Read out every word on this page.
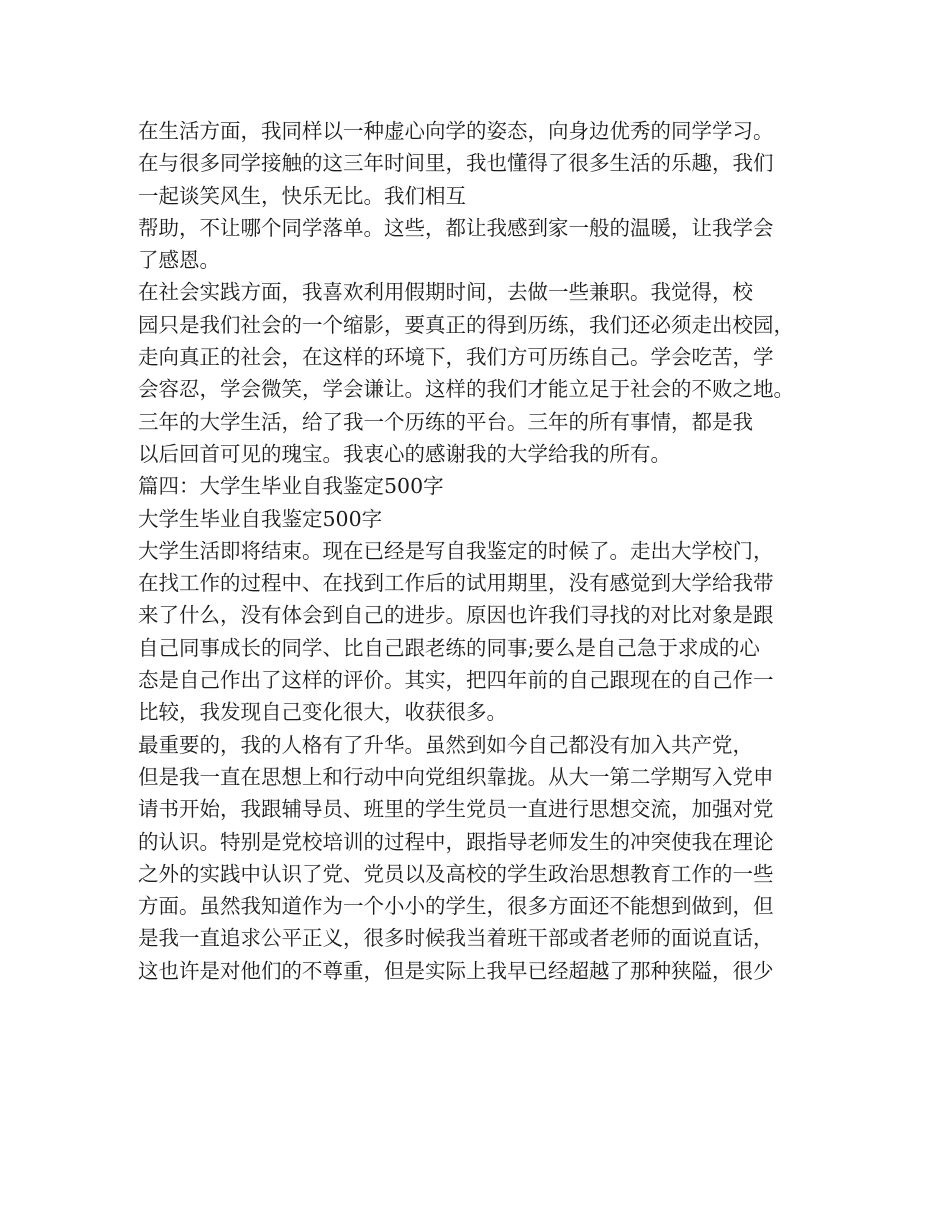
在生活方面，我同样以一种虚心向学的姿态，向身边优秀的同学学习。
在与很多同学接触的这三年时间里，我也懂得了很多生活的乐趣，我们
一起谈笑风生，快乐无比。我们相互
帮助，不让哪个同学落单。这些，都让我感到家一般的温暖，让我学会
了感恩。
在社会实践方面，我喜欢利用假期时间，去做一些兼职。我觉得，校
园只是我们社会的一个缩影，要真正的得到历练，我们还必须走出校园，
走向真正的社会，在这样的环境下，我们方可历练自己。学会吃苦，学
会容忍，学会微笑，学会谦让。这样的我们才能立足于社会的不败之地。
三年的大学生活，给了我一个历练的平台。三年的所有事情，都是我
以后回首可见的瑰宝。我衷心的感谢我的大学给我的所有。
篇四：大学生毕业自我鉴定500字
大学生毕业自我鉴定500字
大学生活即将结束。现在已经是写自我鉴定的时候了。走出大学校门，
在找工作的过程中、在找到工作后的试用期里，没有感觉到大学给我带
来了什么，没有体会到自己的进步。原因也许我们寻找的对比对象是跟
自己同事成长的同学、比自己跟老练的同事;要么是自己急于求成的心
态是自己作出了这样的评价。其实，把四年前的自己跟现在的自己作一
比较，我发现自己变化很大，收获很多。
最重要的，我的人格有了升华。虽然到如今自己都没有加入共产党，
但是我一直在思想上和行动中向党组织靠拢。从大一第二学期写入党申
请书开始，我跟辅导员、班里的学生党员一直进行思想交流，加强对党
的认识。特别是党校培训的过程中，跟指导老师发生的冲突使我在理论
之外的实践中认识了党、党员以及高校的学生政治思想教育工作的一些
方面。虽然我知道作为一个小小的学生，很多方面还不能想到做到，但
是我一直追求公平正义，很多时候我当着班干部或者老师的面说直话，
这也许是对他们的不尊重，但是实际上我早已经超越了那种狭隘，很少
